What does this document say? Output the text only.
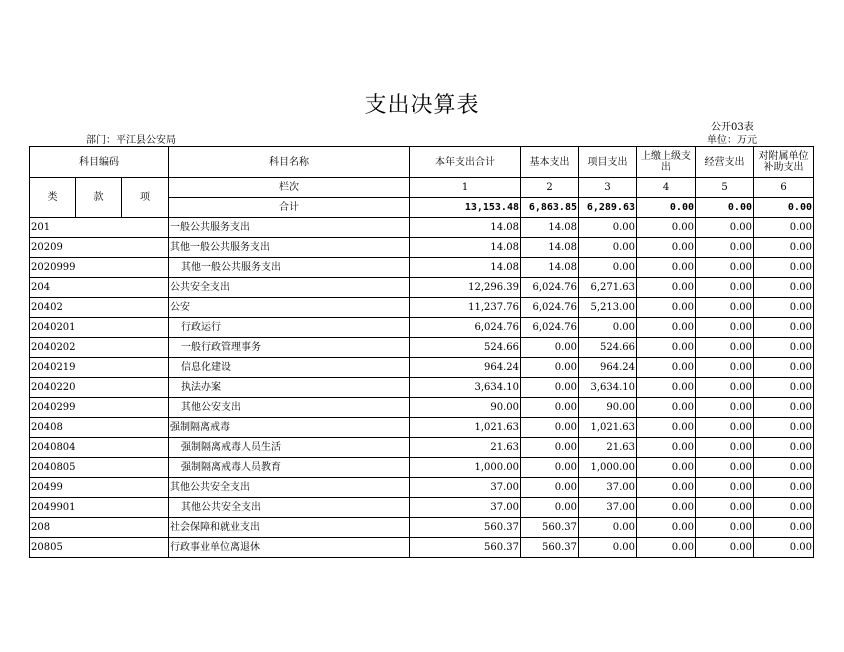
支出决算表
公开03表
部门：平江县公安局	单位：万元
科目编码			科目名称	本年支出合计	基本支出	项目支出	上缴上级支出	经营支出	对附属单位补助支出
类	款	项	栏次	1	2	3	4	5	6
			合计	13,153.48	6,863.85	6,289.63	0.00	0.00	0.00
201			一般公共服务支出	14.08	14.08	0.00	0.00	0.00	0.00
20209			其他一般公共服务支出	14.08	14.08	0.00	0.00	0.00	0.00
2020999			其他一般公共服务支出	14.08	14.08	0.00	0.00	0.00	0.00
204			公共安全支出	12,296.39	6,024.76	6,271.63	0.00	0.00	0.00
20402			公安	11,237.76	6,024.76	5,213.00	0.00	0.00	0.00
2040201			行政运行	6,024.76	6,024.76	0.00	0.00	0.00	0.00
2040202			一般行政管理事务	524.66	0.00	524.66	0.00	0.00	0.00
2040219			信息化建设	964.24	0.00	964.24	0.00	0.00	0.00
2040220			执法办案	3,634.10	0.00	3,634.10	0.00	0.00	0.00
2040299			其他公安支出	90.00	0.00	90.00	0.00	0.00	0.00
20408			强制隔离戒毒	1,021.63	0.00	1,021.63	0.00	0.00	0.00
2040804			强制隔离戒毒人员生活	21.63	0.00	21.63	0.00	0.00	0.00
2040805			强制隔离戒毒人员教育	1,000.00	0.00	1,000.00	0.00	0.00	0.00
20499			其他公共安全支出	37.00	0.00	37.00	0.00	0.00	0.00
2049901			其他公共安全支出	37.00	0.00	37.00	0.00	0.00	0.00
208			社会保障和就业支出	560.37	560.37	0.00	0.00	0.00	0.00
20805			行政事业单位离退休	560.37	560.37	0.00	0.00	0.00	0.00
